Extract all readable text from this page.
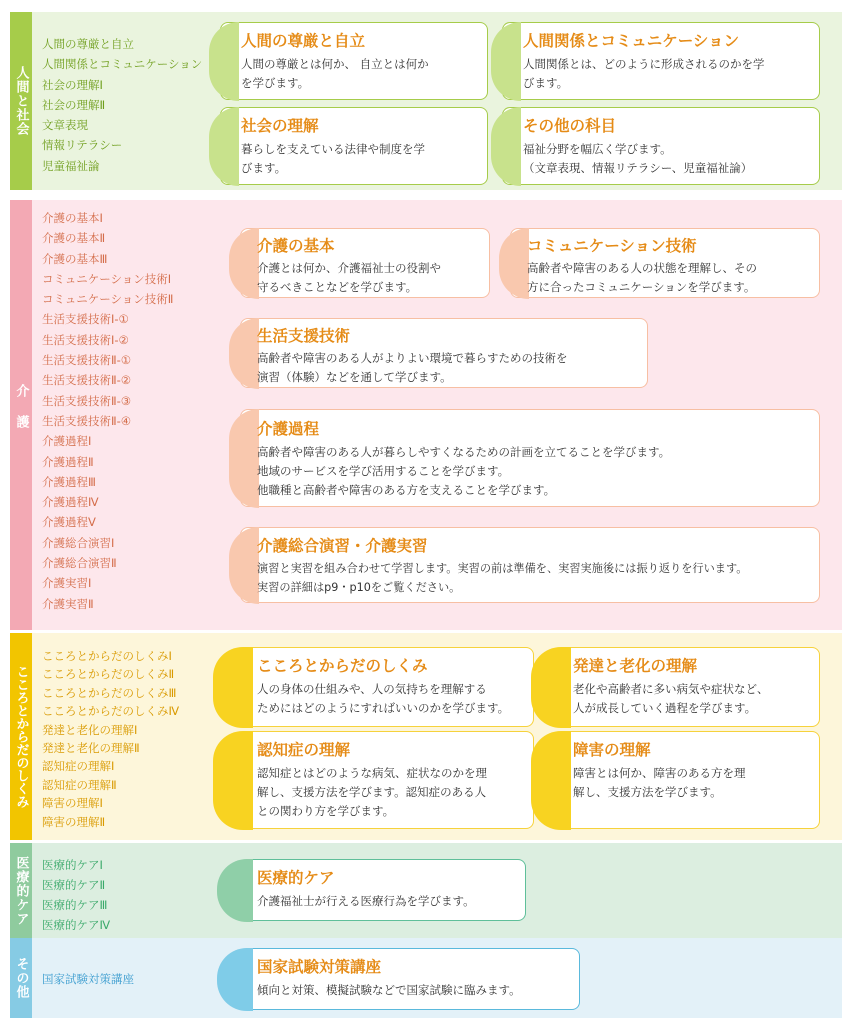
人間と社会
人間の尊厳と自立
人間関係とコミュニケーション
社会の理解Ⅰ
社会の理解Ⅱ
文章表現
情報リテラシー
児童福祉論
人間の尊厳と自立

人間の尊厳とは何か、 自立とは何か
を学びます。

人間関係とコミュニケーション

人間関係とは、どのように形成されるのかを学
びます。

社会の理解

暮らしを支えている法律や制度を学
びます。

その他の科目

福祉分野を幅広く学びます。
（文章表現、情報リテラシー、児童福祉論）

介護
介護の基本Ⅰ
介護の基本Ⅱ
介護の基本Ⅲ
コミュニケーション技術Ⅰ
コミュニケーション技術Ⅱ
生活支援技術Ⅰ-①
生活支援技術Ⅰ-②
生活支援技術Ⅱ-①
生活支援技術Ⅱ-②
生活支援技術Ⅱ-③
生活支援技術Ⅱ-④
介護過程Ⅰ
介護過程Ⅱ
介護過程Ⅲ
介護過程Ⅳ
介護過程Ⅴ
介護総合演習Ⅰ
介護総合演習Ⅱ
介護実習Ⅰ
介護実習Ⅱ
介護の基本

介護とは何か、介護福祉士の役割や
守るべきことなどを学びます。

コミュニケーション技術

高齢者や障害のある人の状態を理解し、その
方に合ったコミュニケーションを学びます。

生活支援技術

高齢者や障害のある人がよりよい環境で暮らすための技術を
演習（体験）などを通して学びます。

介護過程

高齢者や障害のある人が暮らしやすくなるための計画を立てることを学びます。
地域のサービスを学び活用することを学びます。
他職種と高齢者や障害のある方を支えることを学びます。

介護総合演習・介護実習

演習と実習を組み合わせて学習します。実習の前は準備を、実習実施後には振り返りを行います。
実習の詳細はp9・p10をご覧ください。

こころとからだのしくみ
こころとからだのしくみⅠ
こころとからだのしくみⅡ
こころとからだのしくみⅢ
こころとからだのしくみⅣ
発達と老化の理解Ⅰ
発達と老化の理解Ⅱ
認知症の理解Ⅰ
認知症の理解Ⅱ
障害の理解Ⅰ
障害の理解Ⅱ
こころとからだのしくみ

人の身体の仕組みや、人の気持ちを理解する
ためにはどのようにすればいいのかを学びます。

発達と老化の理解

老化や高齢者に多い病気や症状など、
人が成長していく過程を学びます。

認知症の理解

認知症とはどのような病気、症状なのかを理
解し、支援方法を学びます。認知症のある人
との関わり方を学びます。

障害の理解

障害とは何か、障害のある方を理
解し、支援方法を学びます。

医療的ケア 医療的ケアⅠ
医療的ケアⅡ
医療的ケアⅢ
医療的ケアⅣ
医療的ケア

介護福祉士が行える医療行為を学びます。

その他 国家試験対策講座
国家試験対策講座

傾向と対策、模擬試験などで国家試験に臨みます。
